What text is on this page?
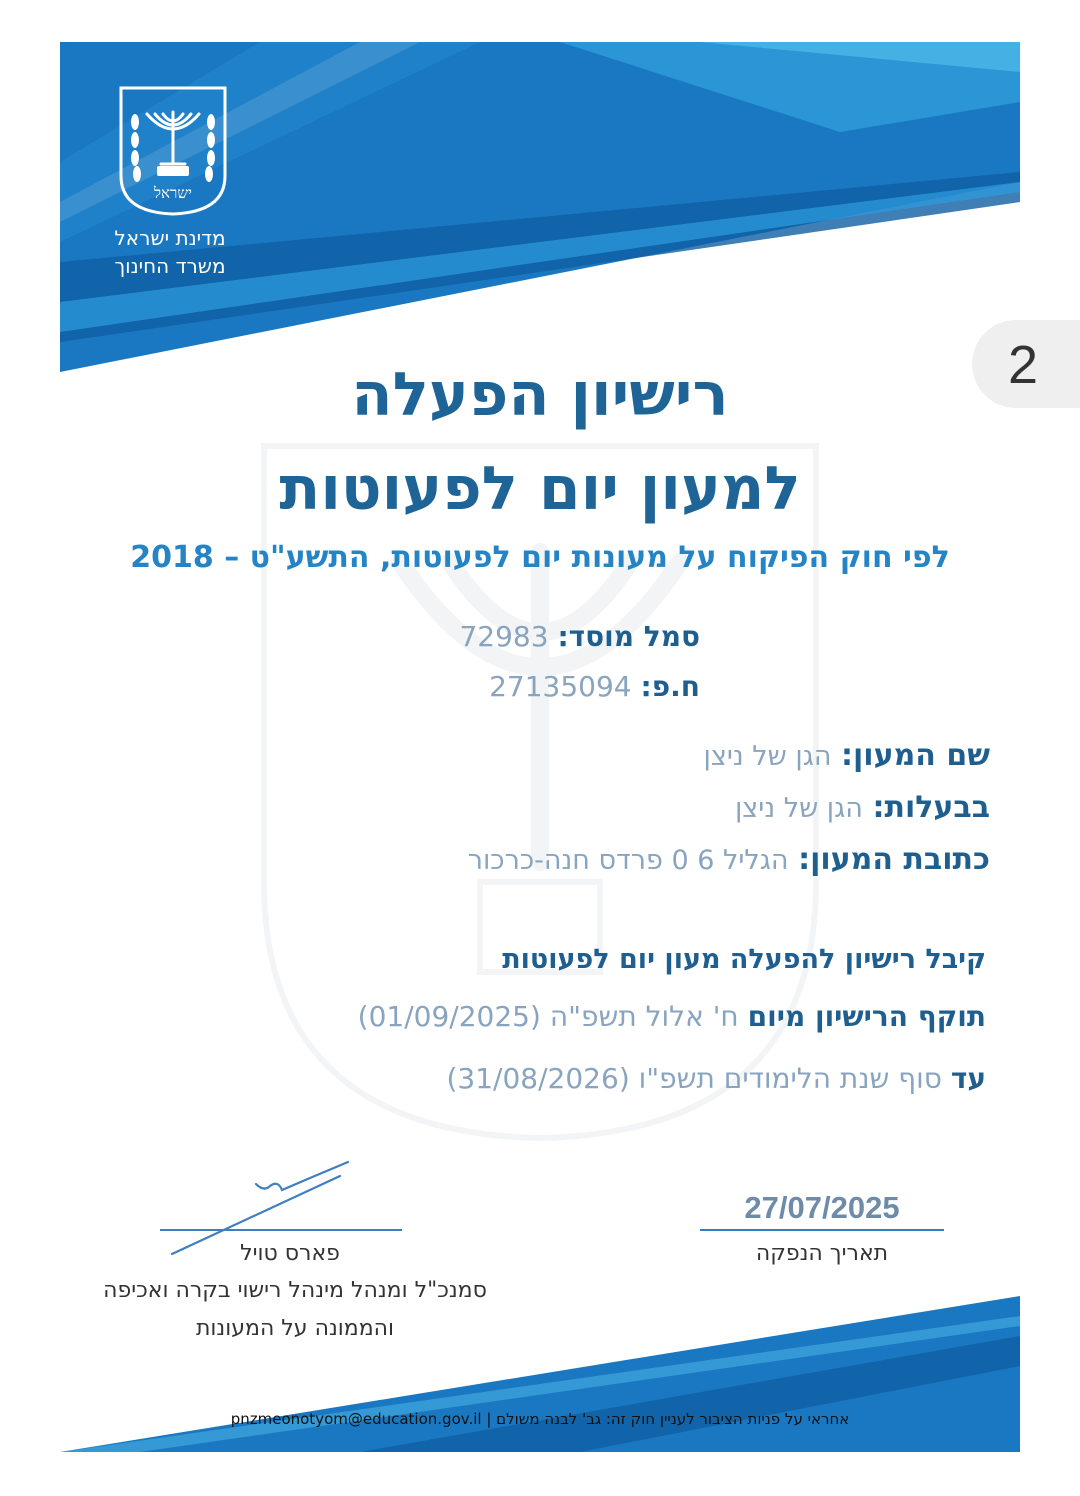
ישראל
מדינת ישראל
משרד החינוך
רישיון הפעלה
למעון יום לפעוטות
לפי חוק הפיקוח על מעונות יום לפעוטות, התשע"ט – 2018
סמל מוסד: 72983
ח.פ: 27135094
שם המעון: הגן של ניצן
בבעלות: הגן של ניצן
כתובת המעון: הגליל 6 0 פרדס חנה-כרכור
קיבל רישיון להפעלה מעון יום לפעוטות
תוקף הרישיון מיום ח' אלול תשפ"ה (01/09/2025)
עד סוף שנת הלימודים תשפ"ו (31/08/2026)
פארס טויל
סמנכ"ל ומנהל מינהל רישוי בקרה ואכיפה
והממונה על המעונות
27/07/2025
תאריך הנפקה
אחראי על פניות הציבור לעניין חוק זה: גב' לבנה משולם | pnzmeonotyom@education.gov.il
2
